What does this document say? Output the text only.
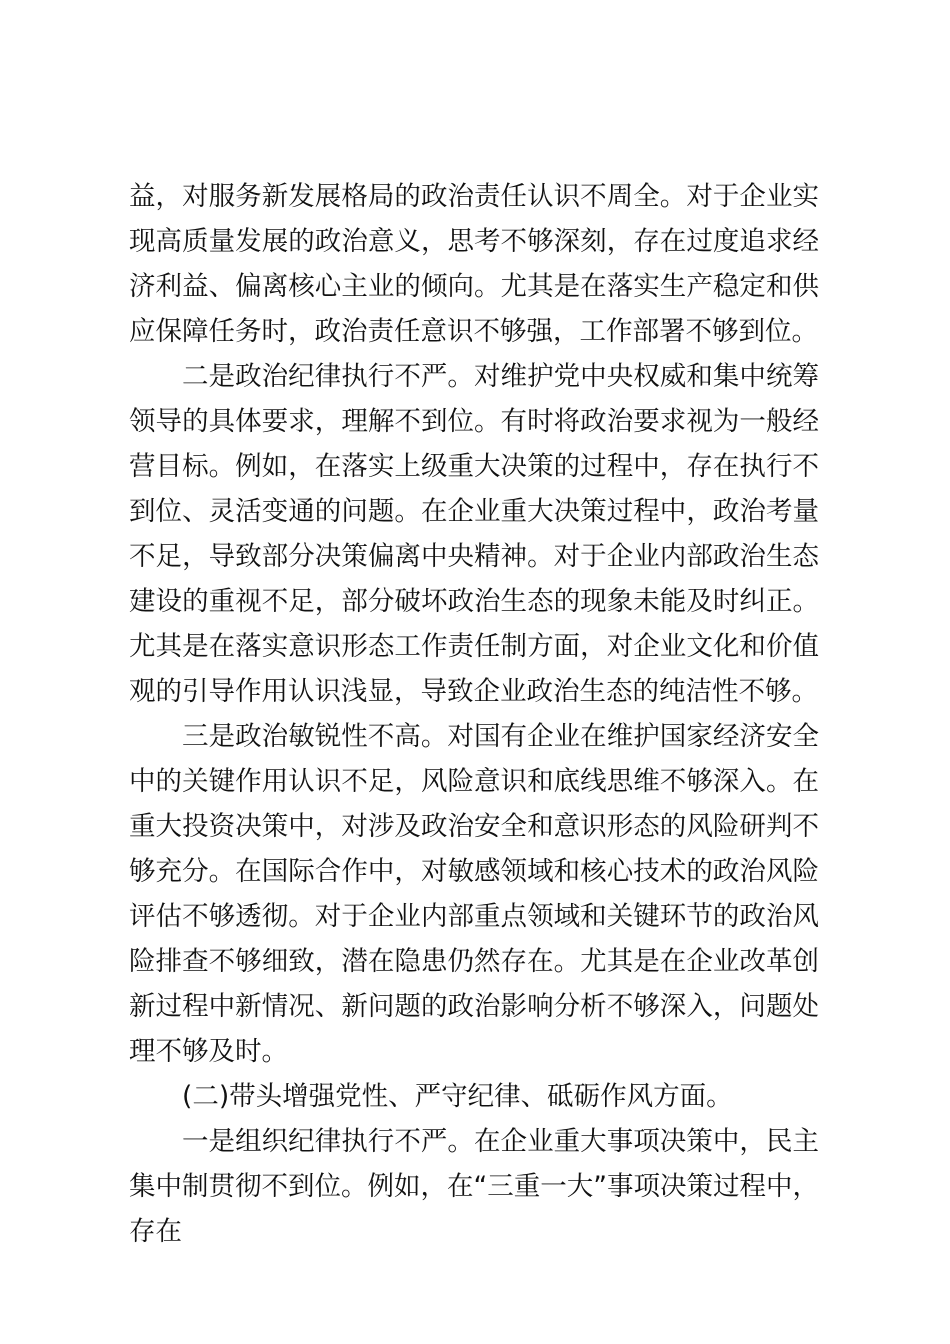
益，对服务新发展格局的政治责任认识不周全。对于企业实现高质量发展的政治意义，思考不够深刻，存在过度追求经济利益、偏离核心主业的倾向。尤其是在落实生产稳定和供应保障任务时，政治责任意识不够强，工作部署不够到位。

二是政治纪律执行不严。对维护党中央权威和集中统筹领导的具体要求，理解不到位。有时将政治要求视为一般经营目标。例如，在落实上级重大决策的过程中，存在执行不到位、灵活变通的问题。在企业重大决策过程中，政治考量不足，导致部分决策偏离中央精神。对于企业内部政治生态建设的重视不足，部分破坏政治生态的现象未能及时纠正。尤其是在落实意识形态工作责任制方面，对企业文化和价值观的引导作用认识浅显，导致企业政治生态的纯洁性不够。

三是政治敏锐性不高。对国有企业在维护国家经济安全中的关键作用认识不足，风险意识和底线思维不够深入。在重大投资决策中，对涉及政治安全和意识形态的风险研判不够充分。在国际合作中，对敏感领域和核心技术的政治风险评估不够透彻。对于企业内部重点领域和关键环节的政治风险排查不够细致，潜在隐患仍然存在。尤其是在企业改革创新过程中新情况、新问题的政治影响分析不够深入，问题处理不够及时。

(二)带头增强党性、严守纪律、砥砺作风方面。

一是组织纪律执行不严。在企业重大事项决策中，民主集中制贯彻不到位。例如，在“三重一大”事项决策过程中，存在
